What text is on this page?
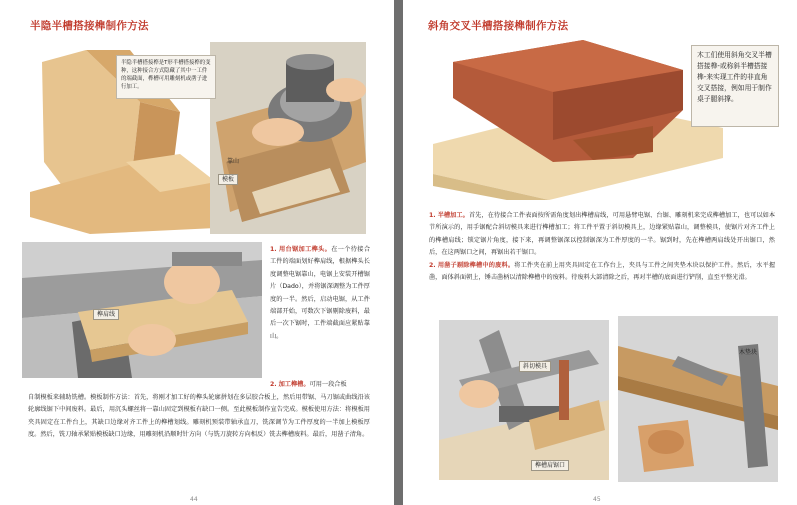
半隐半槽搭接榫制作方法
半隐半槽搭接榫是T形半槽搭接榫的变种，这种接合方式隐藏了其中一工件的端截面，榫槽可用雕刻机或凿子进行加工。
靠山
模板
榫肩线

1. 用台锯加工榫头。在一个待接合工件的端面划好榫肩线，根据榫头长度调整电锯靠山，电锯上安装开槽锯片（Dado），并将锯深调整为工件厚度的一半。然后，启动电锯，从工件端部开始，可数次下锯剔除废料，最后一次下锯时，工件端截面应紧贴靠山。

2. 加工榫槽。可用一段合板

自制模板来辅助铣槽。模板制作方法：首先，将刚才加工好的榫头轮廓拼划在多层胶合板上，然后用带锯、马刀锯或曲线沿该轮廓线锯下中间废料。最后，用沉头螺丝将一靠山固定到模板有缺口一侧。至此模板制作宣告完成。模板使用方法：将模板用夹具固定在工件台上，其缺口边缘对齐工件上的榫槽划线。雕刻机预装带轴承直刀，铣深调节为工件厚度的一半加上模板厚度。然后，铣刀轴承紧贴模板缺口边缘，用雕刻机沿顺时针方向（与铣刀旋转方向相反）铣去榫槽废料。最后，用凿子清角。

44
斜角交叉半槽搭接榫制作方法
木工们使用斜角交叉半槽搭接榫-或称斜半槽搭接榫-来实现工件的非直角交叉搭接，例如用于制作桌子腿斜撑。

1. 半槽加工。首先，在待接合工件表面按所需角度划出榫槽肩线，可用悬臂电锯、台锯、雕刻机来完成榫槽加工，也可以如本节所演示的，用手锯配合斜切模具来进行榫槽加工；将工件平置于斜切模具上，边缘紧贴靠山，调整模具，使锯片对齐工件上的榫槽肩线；锁定锯片角度，接下来，再调整锯深以控制锯深为工件厚度的一半。锯到时，先在榫槽两肩线处开出锯口，然后，在这两锯口之间，再锯出若干锯口。

2. 用凿子剔除榫槽中的废料。将工件夹在前上用夹具固定在工作台上，夹具与工件之间夹垫木块以保护工件。然后，水平握凿，面体斜面朝上，锤击凿柄以清除榫槽中的废料。待废料大部清除之后，再对半槽的底面进行铲削，直至平整光滑。

斜切模具
榫槽肩锯口
木垫块
45
